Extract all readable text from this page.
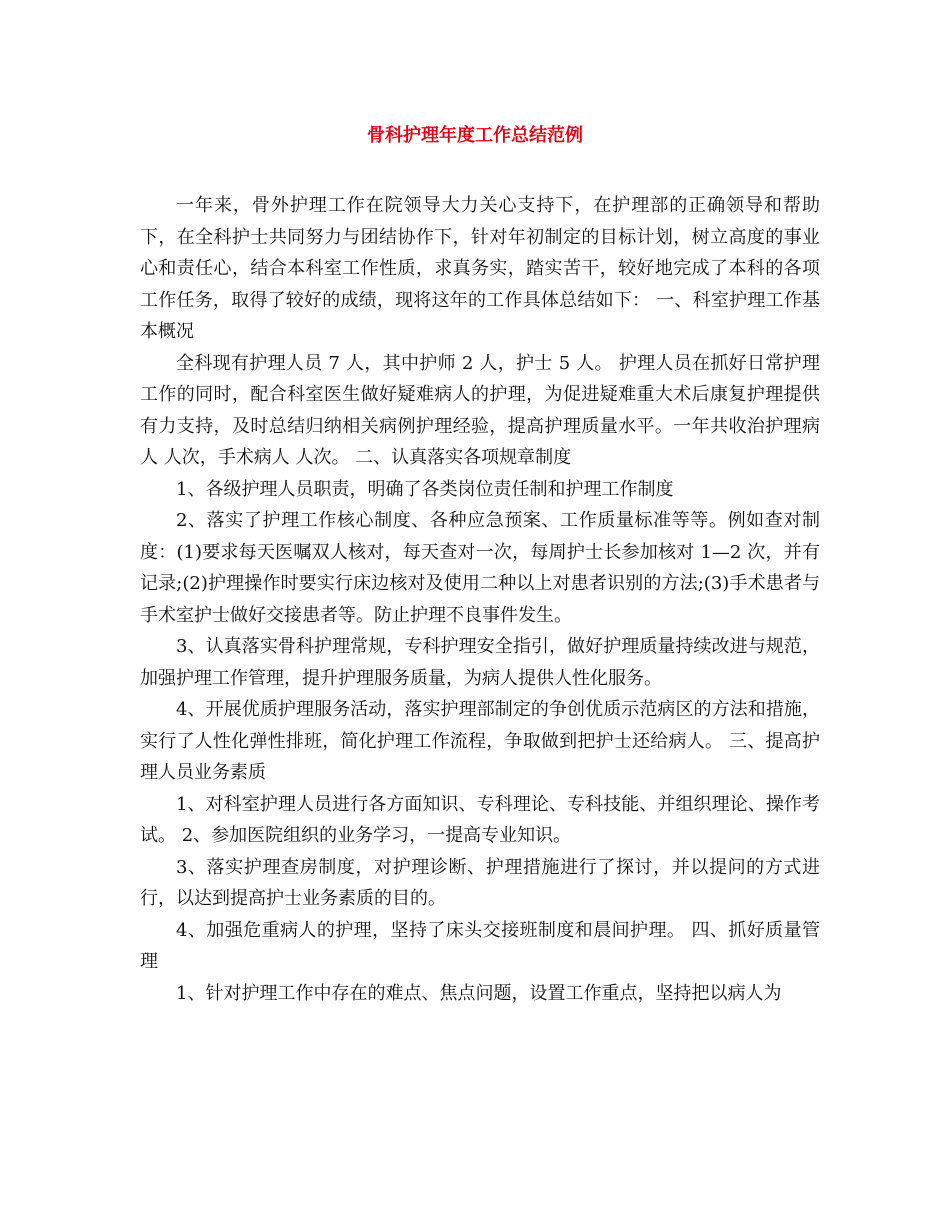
骨科护理年度工作总结范例

一年来，骨外护理工作在院领导大力关心支持下，在护理部的正确领导和帮助下，在全科护士共同努力与团结协作下，针对年初制定的目标计划，树立高度的事业心和责任心，结合本科室工作性质，求真务实，踏实苦干，较好地完成了本科的各项工作任务，取得了较好的成绩，现将这年的工作具体总结如下： 一、科室护理工作基本概况

全科现有护理人员 7 人，其中护师 2 人，护士 5 人。 护理人员在抓好日常护理工作的同时，配合科室医生做好疑难病人的护理，为促进疑难重大术后康复护理提供有力支持，及时总结归纳相关病例护理经验，提高护理质量水平。一年共收治护理病人 人次，手术病人 人次。 二、认真落实各项规章制度

1、各级护理人员职责，明确了各类岗位责任制和护理工作制度

2、落实了护理工作核心制度、各种应急预案、工作质量标准等等。例如查对制度：(1)要求每天医嘱双人核对，每天查对一次，每周护士长参加核对 1—2 次，并有记录;(2)护理操作时要实行床边核对及使用二种以上对患者识别的方法;(3)手术患者与手术室护士做好交接患者等。防止护理不良事件发生。

3、认真落实骨科护理常规，专科护理安全指引，做好护理质量持续改进与规范，加强护理工作管理，提升护理服务质量，为病人提供人性化服务。

4、开展优质护理服务活动，落实护理部制定的争创优质示范病区的方法和措施，实行了人性化弹性排班，简化护理工作流程，争取做到把护士还给病人。 三、提高护理人员业务素质

1、对科室护理人员进行各方面知识、专科理论、专科技能、并组织理论、操作考试。 2、参加医院组织的业务学习，一提高专业知识。

3、落实护理查房制度，对护理诊断、护理措施进行了探讨，并以提问的方式进行，以达到提高护士业务素质的目的。

4、加强危重病人的护理，坚持了床头交接班制度和晨间护理。 四、抓好质量管理

1、针对护理工作中存在的难点、焦点问题，设置工作重点，坚持把以病人为
